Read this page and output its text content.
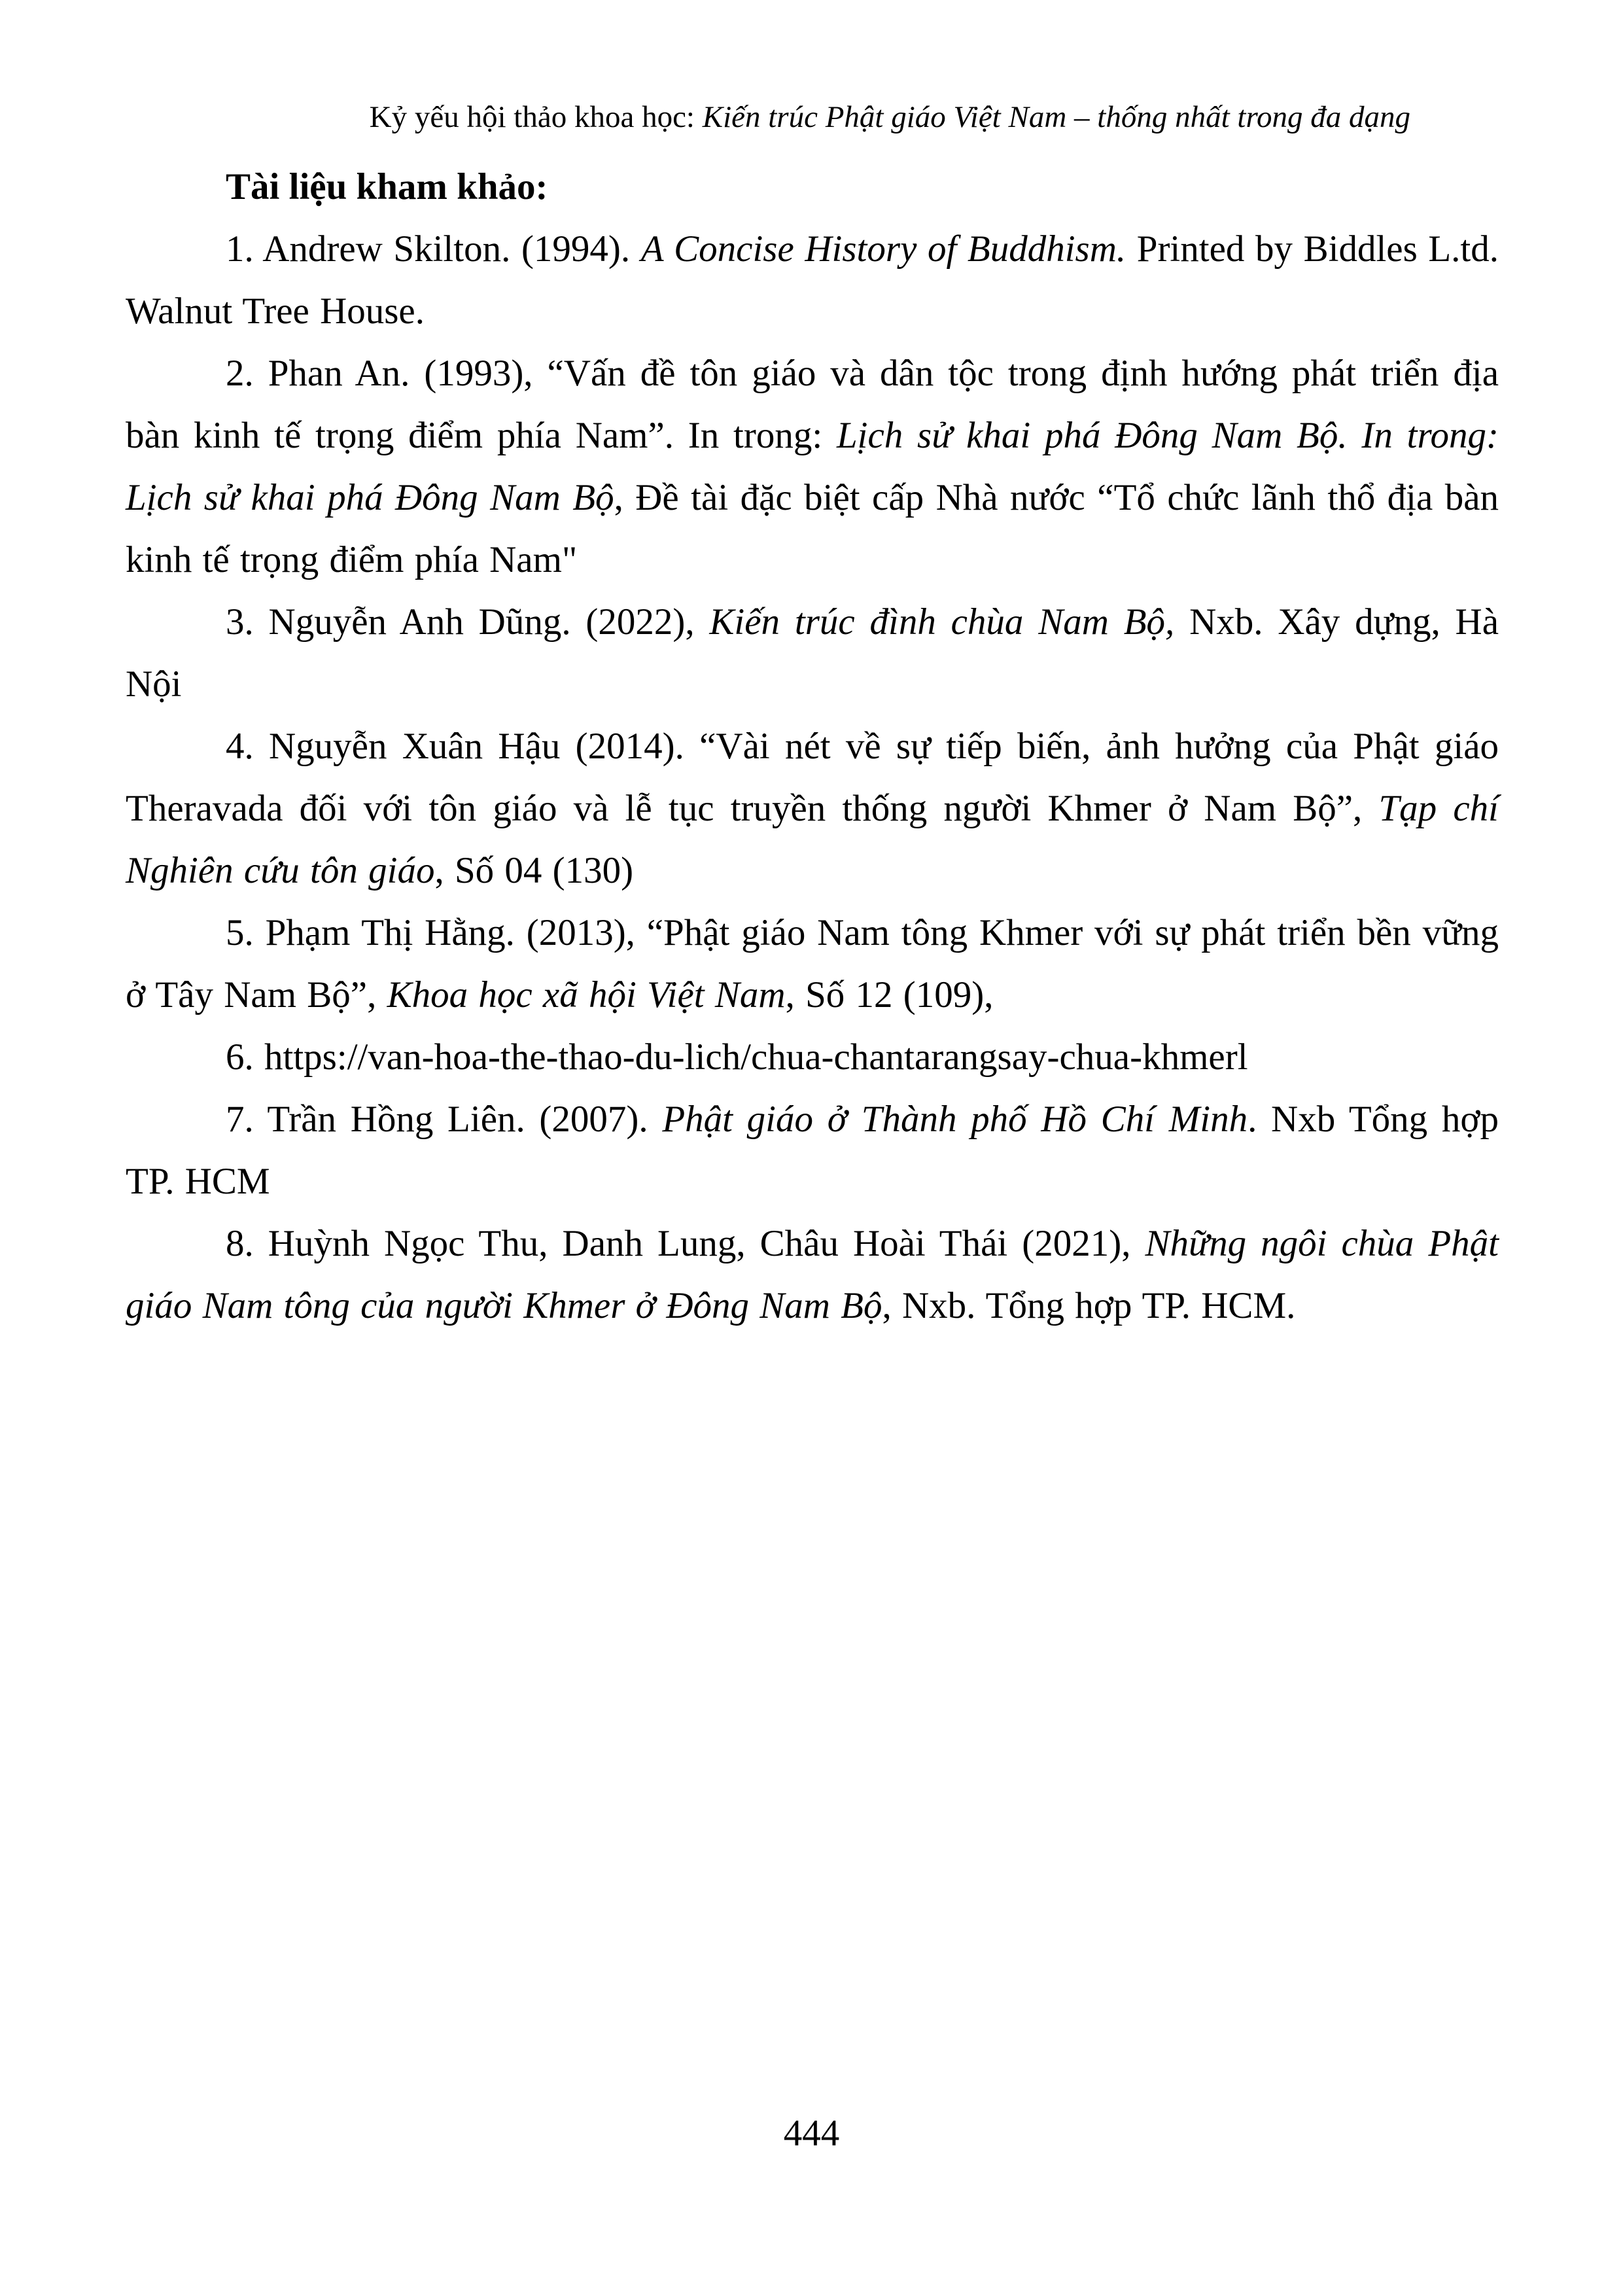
Kỷ yếu hội thảo khoa học: Kiến trúc Phật giáo Việt Nam – thống nhất trong đa dạng
Tài liệu kham khảo:

1. Andrew Skilton. (1994). A Concise History of Buddhism. Printed by Biddles L.td. Walnut Tree House.

2. Phan An. (1993), “Vấn đề tôn giáo và dân tộc trong định hướng phát triển địa bàn kinh tế trọng điểm phía Nam”. In trong: Lịch sử khai phá Đông Nam Bộ. In trong: Lịch sử khai phá Đông Nam Bộ, Đề tài đặc biệt cấp Nhà nước “Tổ chức lãnh thổ địa bàn kinh tế trọng điểm phía Nam"

3. Nguyễn Anh Dũng. (2022), Kiến trúc đình chùa Nam Bộ, Nxb. Xây dựng, Hà Nội

4. Nguyễn Xuân Hậu (2014). “Vài nét về sự tiếp biến, ảnh hưởng của Phật giáo Theravada đối với tôn giáo và lễ tục truyền thống người Khmer ở Nam Bộ”, Tạp chí Nghiên cứu tôn giáo, Số 04 (130)

5. Phạm Thị Hằng. (2013), “Phật giáo Nam tông Khmer với sự phát triển bền vững ở Tây Nam Bộ”, Khoa học xã hội Việt Nam, Số 12 (109),

6. https://van-hoa-the-thao-du-lich/chua-chantarangsay-chua-khmerl

7. Trần Hồng Liên. (2007). Phật giáo ở Thành phố Hồ Chí Minh. Nxb Tổng hợp TP. HCM

8. Huỳnh Ngọc Thu, Danh Lung, Châu Hoài Thái (2021), Những ngôi chùa Phật giáo Nam tông của người Khmer ở Đông Nam Bộ, Nxb. Tổng hợp TP. HCM.

444
